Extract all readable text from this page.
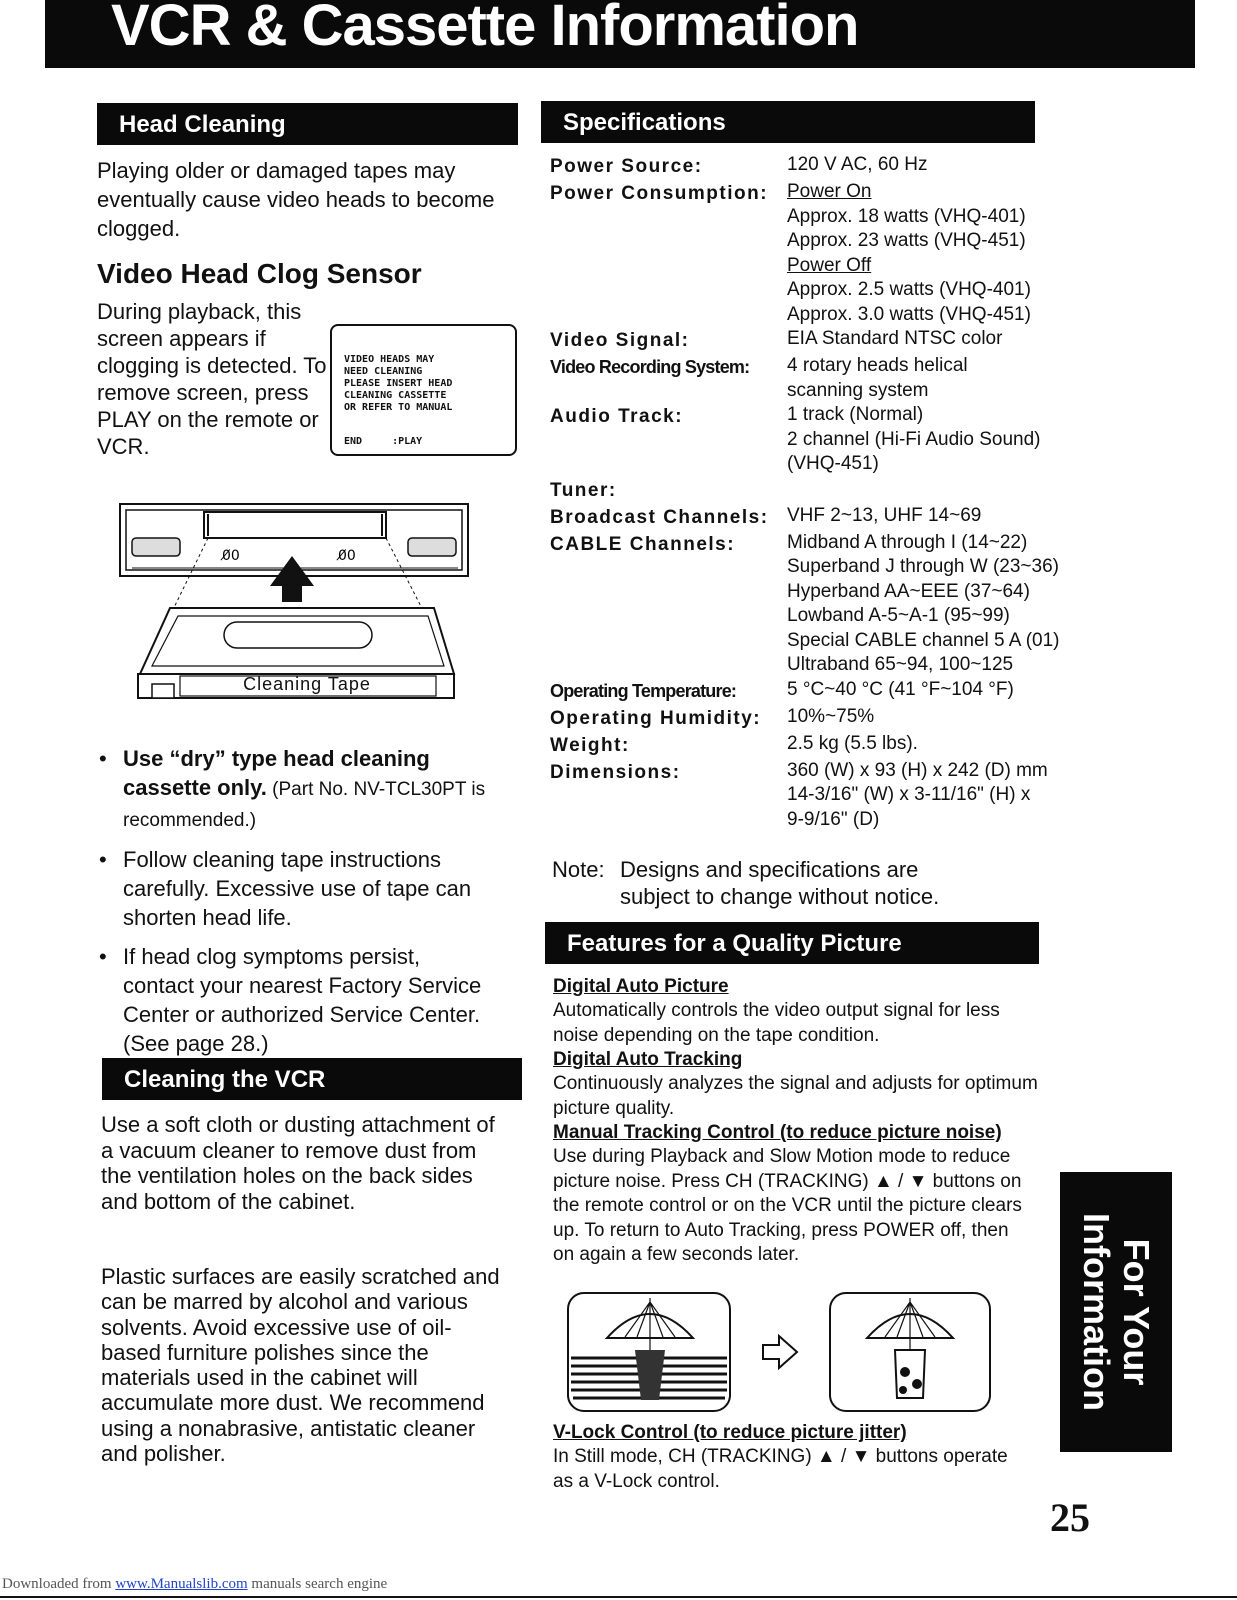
VCR & Cassette Information
Head Cleaning
Playing older or damaged tapes may eventually cause video heads to become clogged.
Video Head Clog Sensor
During playback, this screen appears if clogging is detected. To remove screen, press PLAY on the remote or VCR.
VIDEO HEADS MAY
NEED CLEANING
PLEASE INSERT HEAD
CLEANING CASSETTE
OR REFER TO MANUAL
END	:PLAY
0̸0	0̸0
Cleaning Tape
• Use “dry” type head cleaning cassette only. (Part No. NV-TCL30PT is recommended.)
• Follow cleaning tape instructions carefully. Excessive use of tape can shorten head life.
• If head clog symptoms persist, contact your nearest Factory Service Center or authorized Service Center. (See page 28.)
Cleaning the VCR
Use a soft cloth or dusting attachment of a vacuum cleaner to remove dust from the ventilation holes on the back sides and bottom of the cabinet.
Plastic surfaces are easily scratched and can be marred by alcohol and various solvents. Avoid excessive use of oil-based furniture polishes since the materials used in the cabinet will accumulate more dust. We recommend using a nonabrasive, antistatic cleaner and polisher.
Specifications
Power Source:	120 V AC, 60 Hz
Power Consumption: Power On
Approx. 18 watts (VHQ-401)
Approx. 23 watts (VHQ-451)
Power Off
Approx. 2.5 watts (VHQ-401)
Approx. 3.0 watts (VHQ-451)
Video Signal:	EIA Standard NTSC color
Video Recording System:	4 rotary heads helical
scanning system
Audio Track:	1 track (Normal)
2 channel (Hi-Fi Audio Sound)
(VHQ-451)
Tuner:
Broadcast Channels: VHF 2~13, UHF 14~69
CABLE Channels:	Midband A through I (14~22)
Superband J through W (23~36)
Hyperband AA~EEE (37~64)
Lowband A-5~A-1 (95~99)
Special CABLE channel 5 A (01)
Ultraband 65~94, 100~125
Operating Temperature:	5 °C~40 °C (41 °F~104 °F)
Operating Humidity:	10%~75%
Weight:	2.5 kg (5.5 lbs).
Dimensions:	360 (W) x 93 (H) x 242 (D) mm
14-3/16" (W) x 3-11/16" (H) x
9-9/16" (D)
Note: Designs and specifications are
subject to change without notice.
Features for a Quality Picture
Digital Auto Picture
Automatically controls the video output signal for less noise depending on the tape condition.
Digital Auto Tracking
Continuously analyzes the signal and adjusts for optimum picture quality.
Manual Tracking Control (to reduce picture noise)
Use during Playback and Slow Motion mode to reduce picture noise. Press CH (TRACKING) ▲ / ▼ buttons on the remote control or on the VCR until the picture clears up. To return to Auto Tracking, press POWER off, then on again a few seconds later.
V-Lock Control (to reduce picture jitter)
In Still mode, CH (TRACKING) ▲ / ▼ buttons operate as a V-Lock control.
For Your
Information
25
Downloaded from www.Manualslib.com manuals search engine
